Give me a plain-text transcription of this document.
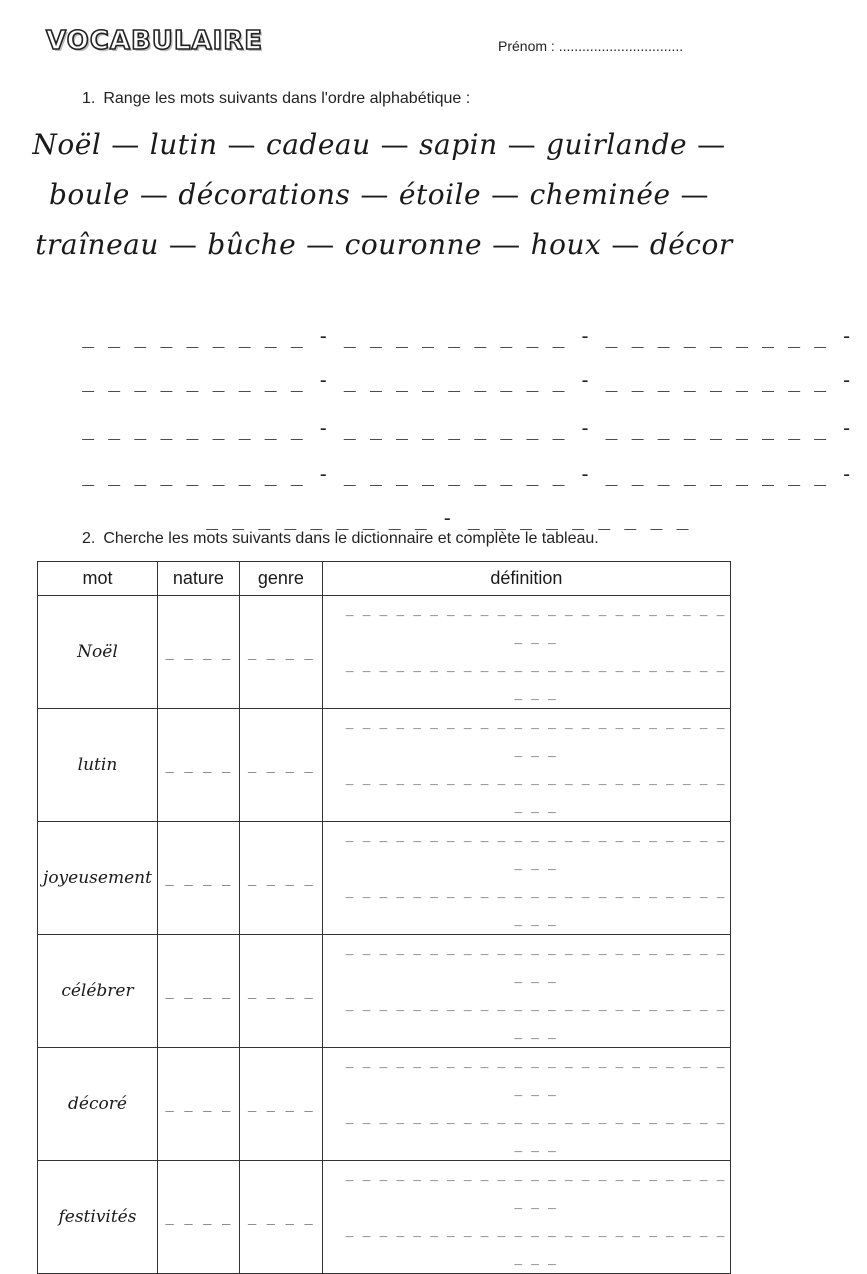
VOCABULAIRE	Prénom : ................................
1. Range les mots suivants dans l'ordre alphabétique :
Noël — lutin — cadeau — sapin — guirlande —
boule — décorations — étoile — cheminée —
traîneau — bûche — couronne — houx — décor

_ _ _ _ _ _ _ _ _ - _ _ _ _ _ _ _ _ _ - _ _ _ _ _ _ _ _ _ -

_ _ _ _ _ _ _ _ _ - _ _ _ _ _ _ _ _ _ - _ _ _ _ _ _ _ _ _ -

_ _ _ _ _ _ _ _ _ - _ _ _ _ _ _ _ _ _ - _ _ _ _ _ _ _ _ _ -

_ _ _ _ _ _ _ _ _ - _ _ _ _ _ _ _ _ _ - _ _ _ _ _ _ _ _ _ -

_ _ _ _ _ _ _ _ _ - _ _ _ _ _ _ _ _ _

2. Cherche les mots suivants dans le dictionnaire et complète le tableau.
mot	nature	genre	définition
Noël	_ _ _ _	_ _ _ _	_ _ _ _ _ _ _ _ _ _ _ _ _ _ _ _ _ _ _ _ _ _ _ _ _ _
_ _ _ _ _ _ _ _ _ _ _ _ _ _ _ _ _ _ _ _ _ _ _ _ _ _

lutin	_ _ _ _	_ _ _ _	_ _ _ _ _ _ _ _ _ _ _ _ _ _ _ _ _ _ _ _ _ _ _ _ _ _
_ _ _ _ _ _ _ _ _ _ _ _ _ _ _ _ _ _ _ _ _ _ _ _ _ _

joyeusement	_ _ _ _	_ _ _ _	_ _ _ _ _ _ _ _ _ _ _ _ _ _ _ _ _ _ _ _ _ _ _ _ _ _
_ _ _ _ _ _ _ _ _ _ _ _ _ _ _ _ _ _ _ _ _ _ _ _ _ _

célébrer	_ _ _ _	_ _ _ _	_ _ _ _ _ _ _ _ _ _ _ _ _ _ _ _ _ _ _ _ _ _ _ _ _ _
_ _ _ _ _ _ _ _ _ _ _ _ _ _ _ _ _ _ _ _ _ _ _ _ _ _

décoré	_ _ _ _	_ _ _ _	_ _ _ _ _ _ _ _ _ _ _ _ _ _ _ _ _ _ _ _ _ _ _ _ _ _
_ _ _ _ _ _ _ _ _ _ _ _ _ _ _ _ _ _ _ _ _ _ _ _ _ _

festivités	_ _ _ _	_ _ _ _	_ _ _ _ _ _ _ _ _ _ _ _ _ _ _ _ _ _ _ _ _ _ _ _ _ _
_ _ _ _ _ _ _ _ _ _ _ _ _ _ _ _ _ _ _ _ _ _ _ _ _ _
